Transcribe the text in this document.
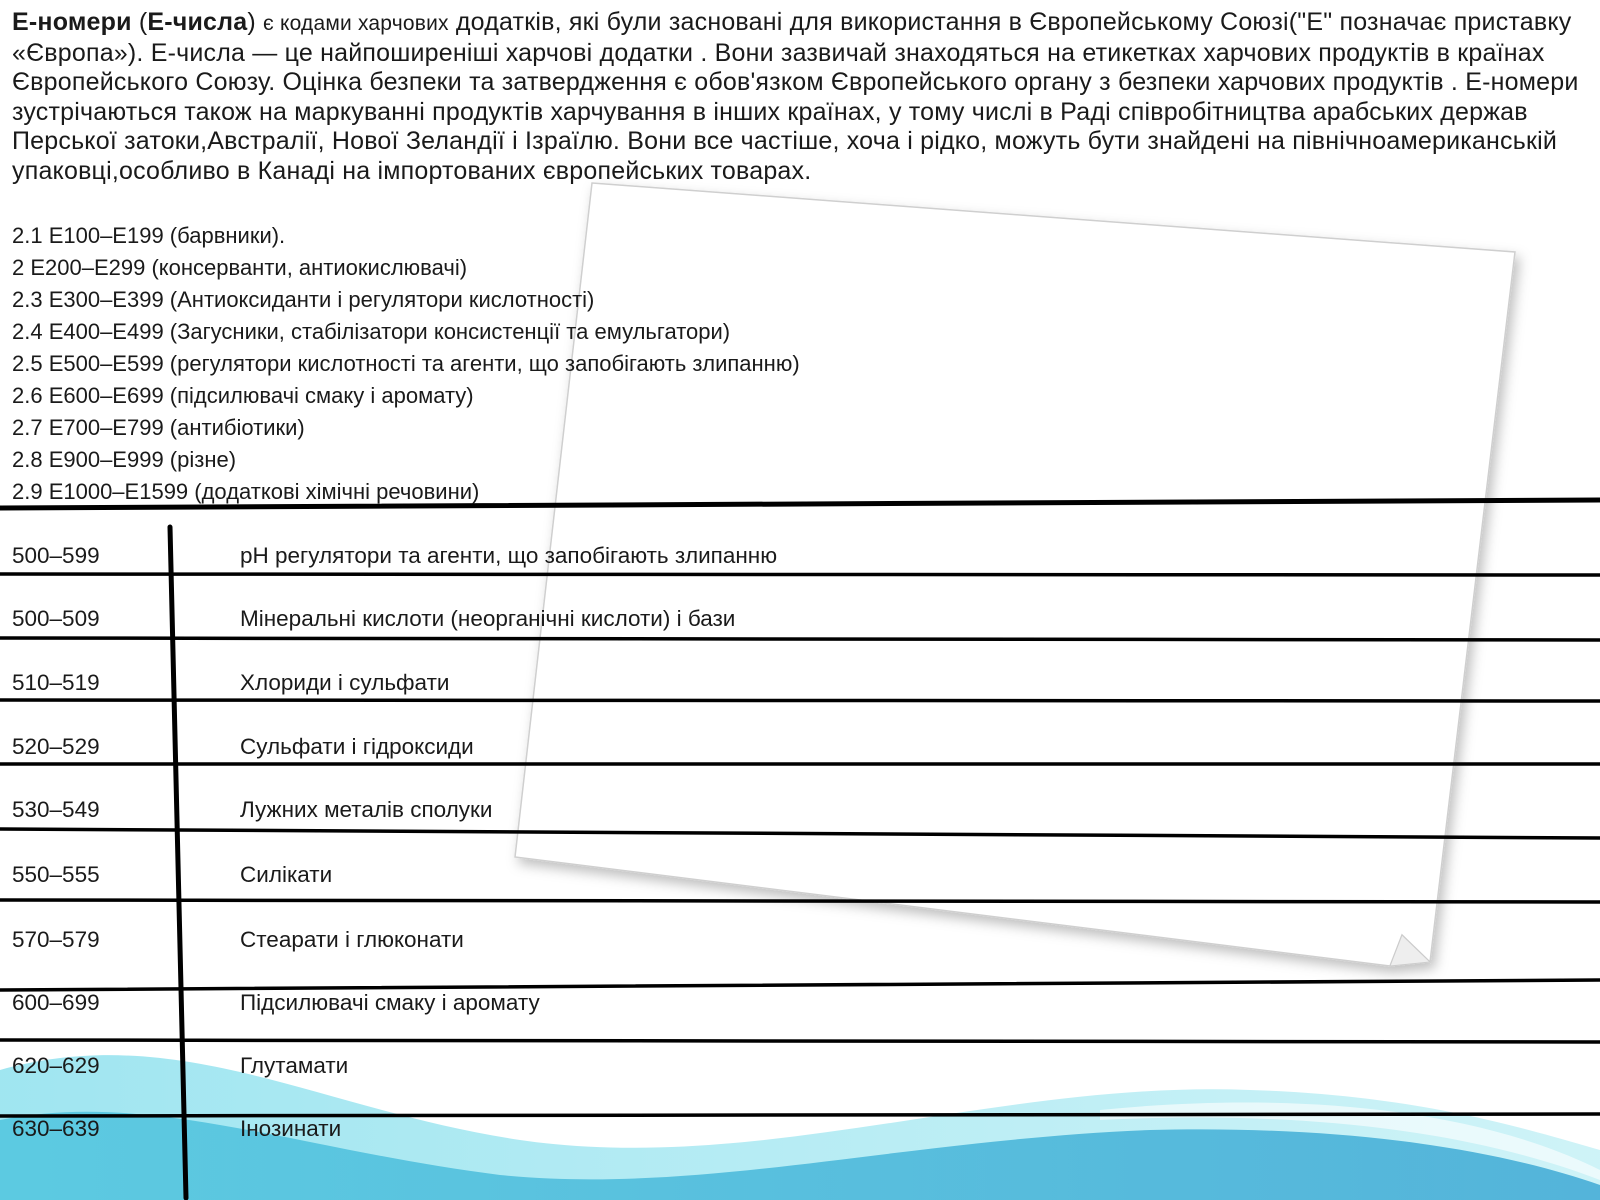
Е-номери (Е-числа) є кодами харчових додатків, які були засновані для використання в Європейському Союзі("Е" позначає приставку «Європа»). Е-числа — це найпоширеніші харчові додатки . Вони зазвичай знаходяться на етикетках харчових продуктів в країнах Європейського Союзу. Оцінка безпеки та затвердження є обов'язком Європейського органу з безпеки харчових продуктів . Е-номери зустрічаються також на маркуванні продуктів харчування в інших країнах, у тому числі в Раді співробітництва арабських держав Перської затоки,Австралії, Нової Зеландії і Ізраїлю. Вони все частіше, хоча і рідко, можуть бути знайдені на північноамериканській упаковці,особливо в Канаді на імпортованих європейських товарах.
2.1 E100–E199 (барвники).
2 E200–E299 (консерванти, антиокислювачі)
2.3 E300–E399 (Антиоксиданти і регулятори кислотності)
2.4 E400–E499 (Загусники, стабілізатори консистенції та емульгатори)
2.5 E500–E599 (регулятори кислотності та агенти, що запобігають злипанню)
2.6 E600–E699 (підсилювачі смаку і аромату)
2.7 E700–E799 (антибіотики)
2.8 E900–E999 (різне)
2.9 E1000–E1599 (додаткові хімічні речовини)
500–599	pH регулятори та агенти, що запобігають злипанню
500–509	Мінеральні кислоти (неорганічні кислоти) і бази
510–519	Хлориди і сульфати
520–529	Сульфати і гідроксиди
530–549	Лужних металів сполуки
550–555	Силікати
570–579	Стеарати і глюконати
600–699	Підсилювачі смаку і аромату
620–629	Глутамати
630–639	Інозинати
